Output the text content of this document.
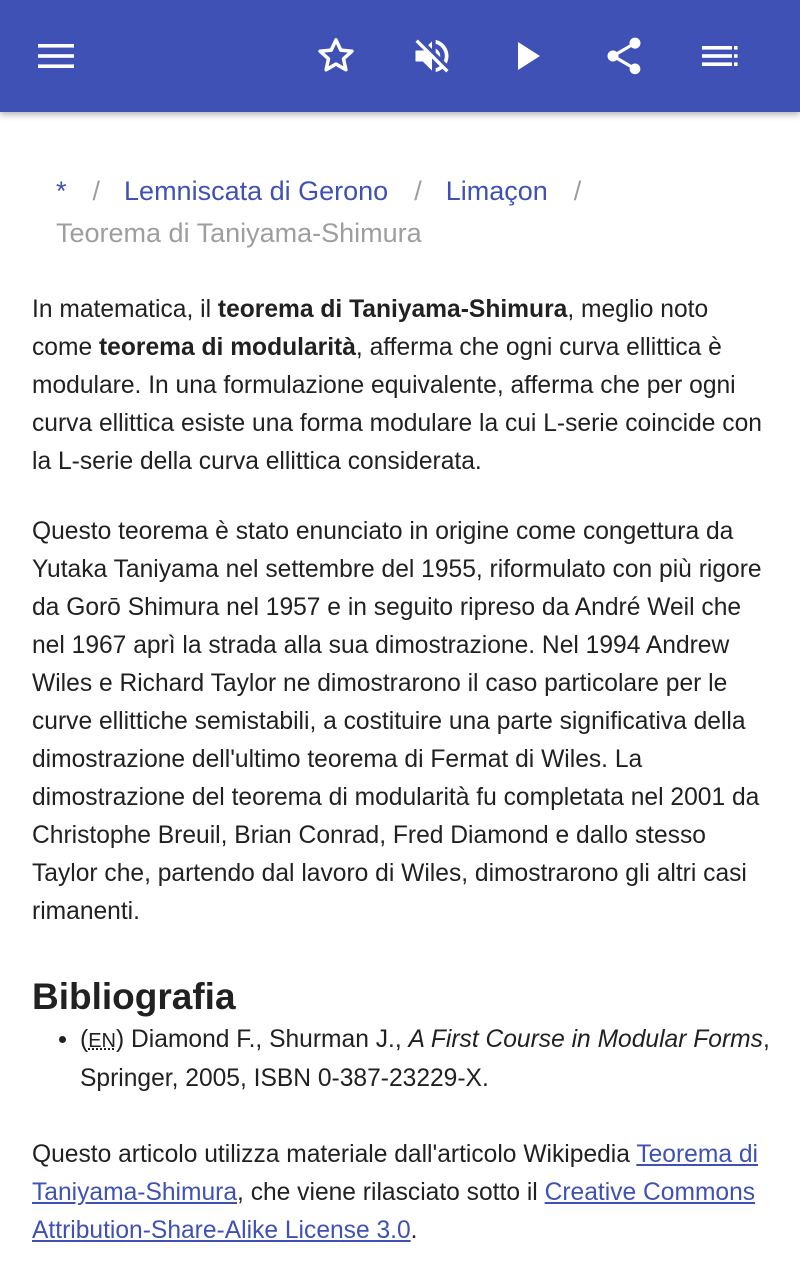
* / Lemniscata di Gerono / Limaçon /
Teorema di Taniyama-Shimura

In matematica, il teorema di Taniyama-Shimura, meglio noto come teorema di modularità, afferma che ogni curva ellittica è modulare. In una formulazione equivalente, afferma che per ogni curva ellittica esiste una forma modulare la cui L-serie coincide con la L-serie della curva ellittica considerata.

Questo teorema è stato enunciato in origine come congettura da Yutaka Taniyama nel settembre del 1955, riformulato con più rigore da Gorō Shimura nel 1957 e in seguito ripreso da André Weil che nel 1967 aprì la strada alla sua dimostrazione. Nel 1994 Andrew Wiles e Richard Taylor ne dimostrarono il caso particolare per le curve ellittiche semistabili, a costituire una parte significativa della dimostrazione dell'ultimo teorema di Fermat di Wiles. La dimostrazione del teorema di modularità fu completata nel 2001 da Christophe Breuil, Brian Conrad, Fred Diamond e dallo stesso Taylor che, partendo dal lavoro di Wiles, dimostrarono gli altri casi rimanenti.

Bibliografia
• (EN) Diamond F., Shurman J., A First Course in Modular Forms, Springer, 2005, ISBN 0-387-23229-X.

Questo articolo utilizza materiale dall'articolo Wikipedia Teorema di Taniyama-Shimura, che viene rilasciato sotto il Creative Commons Attribution-Share-Alike License 3.0.
